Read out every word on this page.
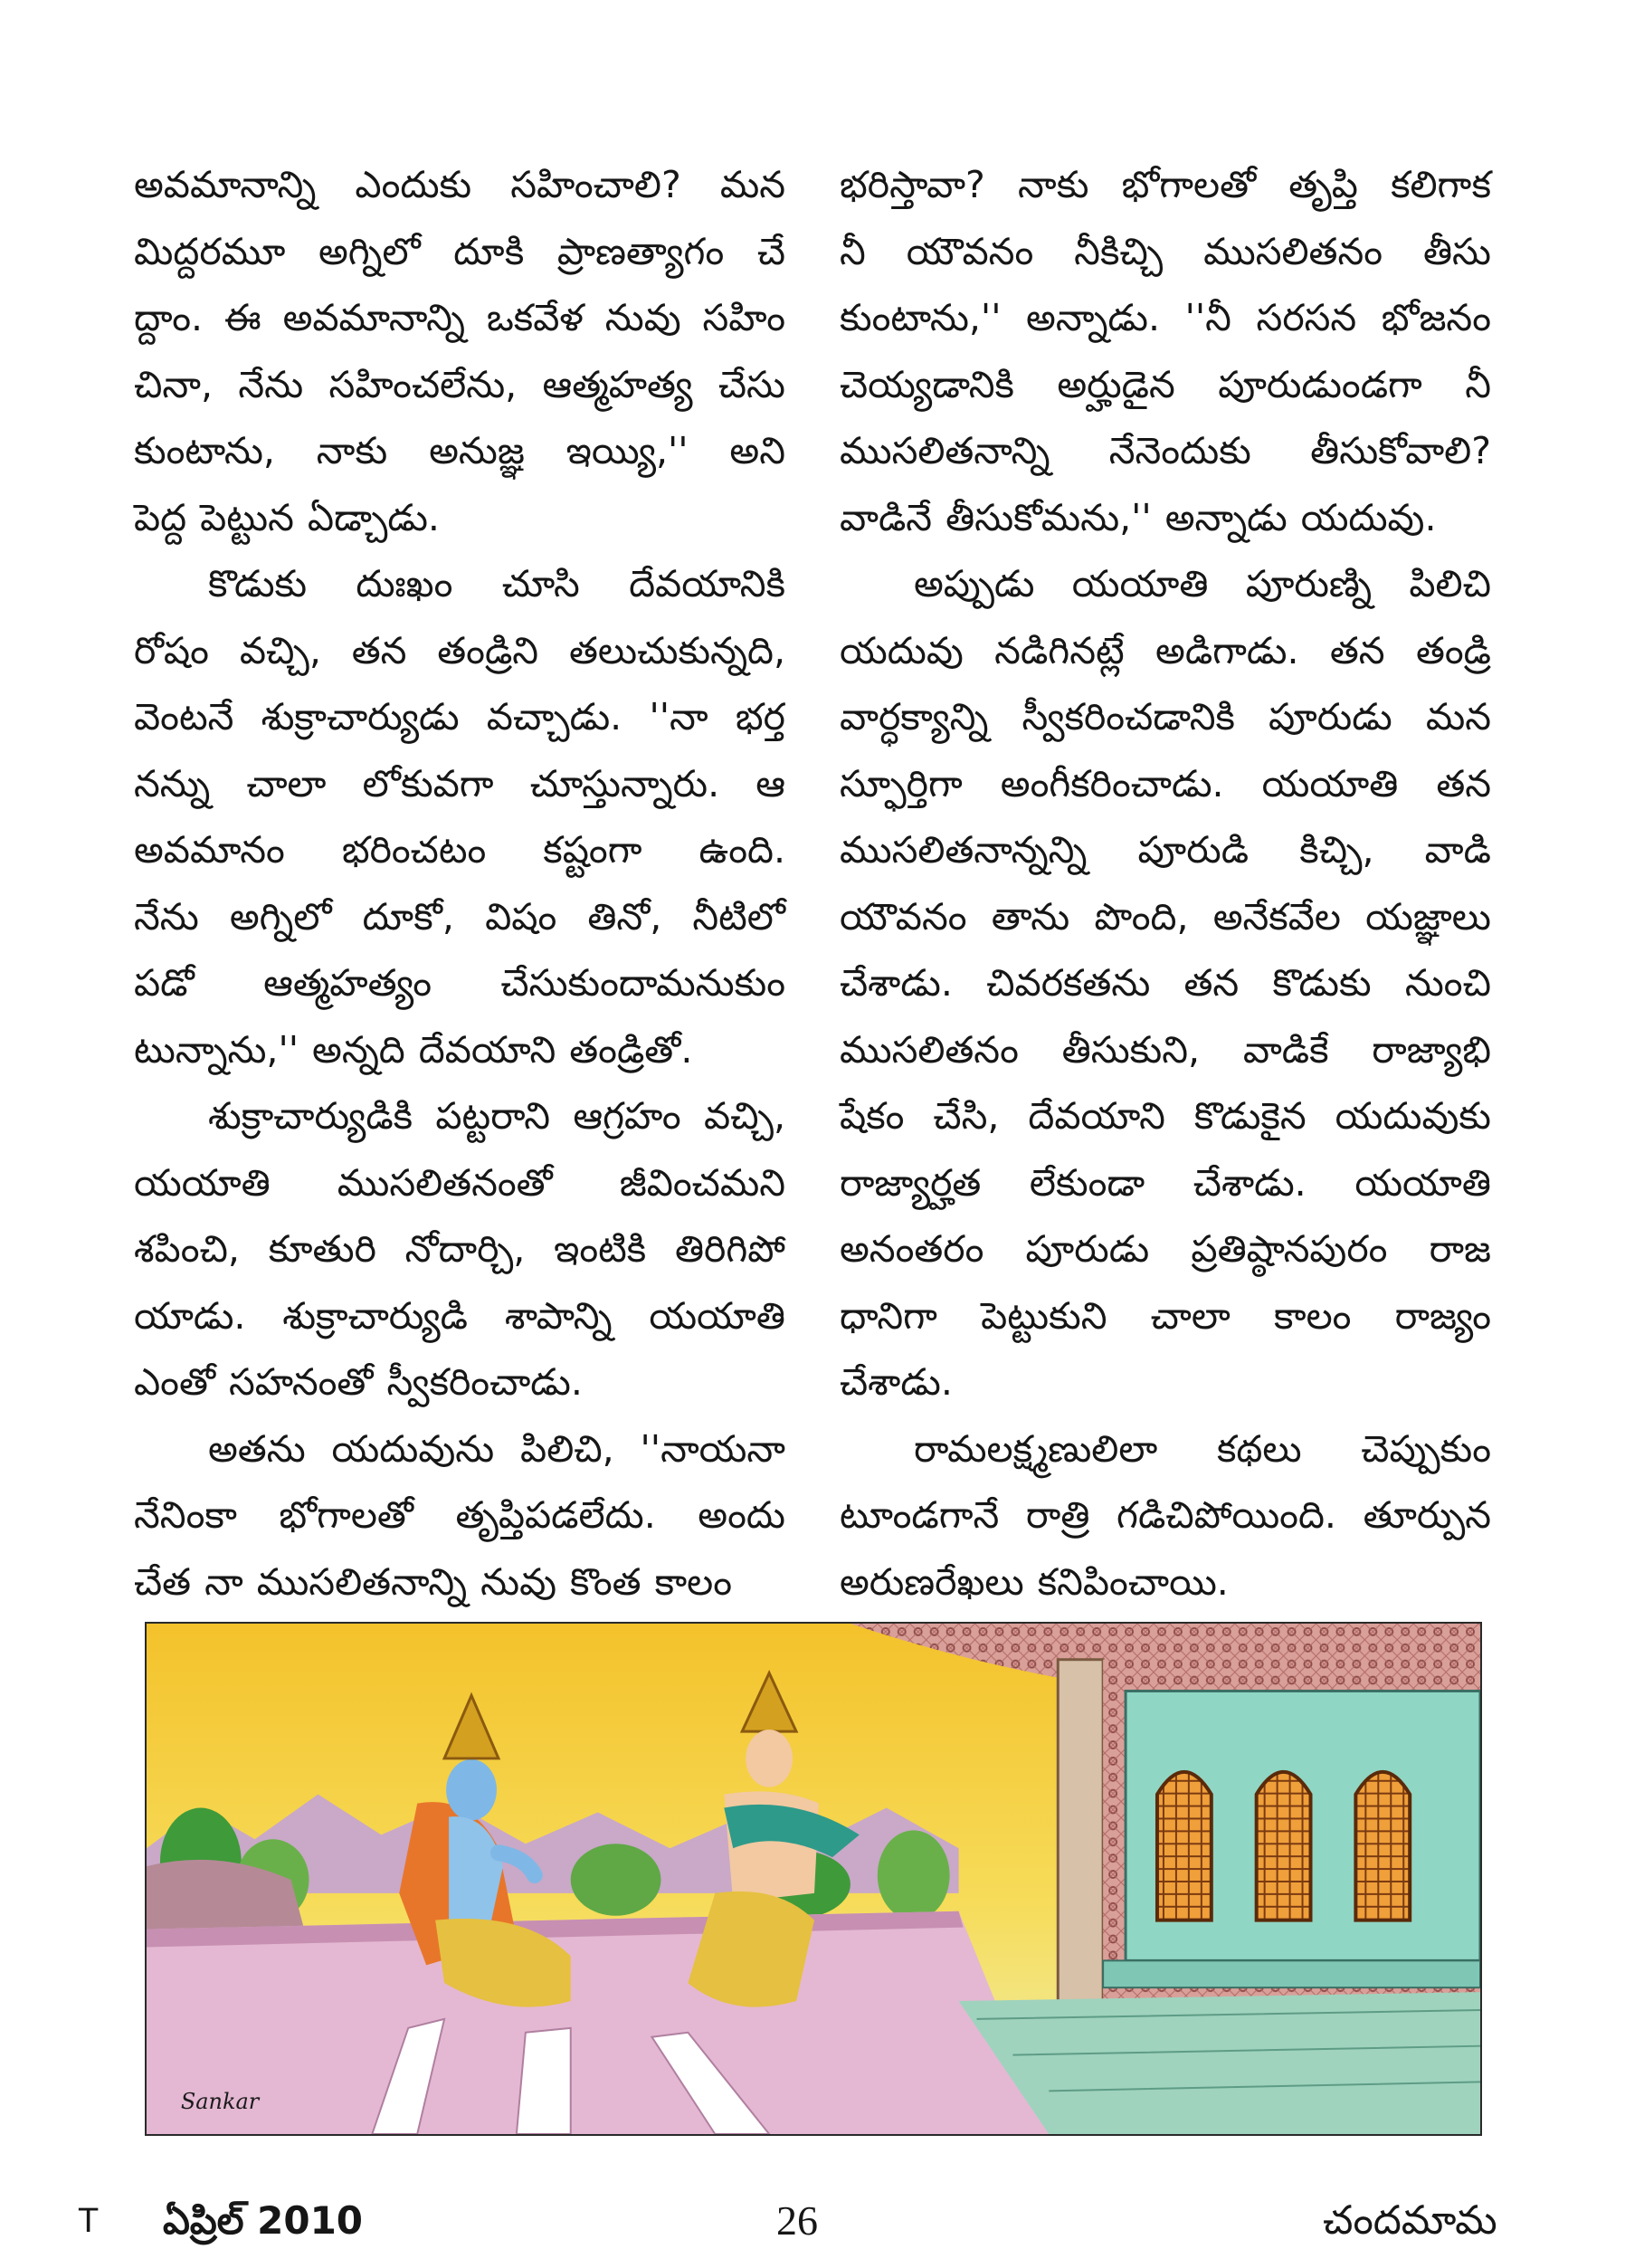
అవమానాన్ని ఎందుకు సహించాలి? మన
మిద్దరమూ అగ్నిలో దూకి ప్రాణత్యాగం చే
ద్దాం. ఈ అవమానాన్ని ఒకవేళ నువు సహిం
చినా, నేను సహించలేను, ఆత్మహత్య చేసు
కుంటాను, నాకు అనుజ్ఞ ఇయ్యి,'' అని
పెద్ద పెట్టున ఏడ్చాడు.

కొడుకు దుఃఖం చూసి దేవయానికి
రోషం వచ్చి, తన తండ్రిని తలుచుకున్నది,
వెంటనే శుక్రాచార్యుడు వచ్చాడు. ''నా భర్త
నన్ను చాలా లోకువగా చూస్తున్నారు. ఆ
అవమానం భరించటం కష్టంగా ఉంది.
నేను అగ్నిలో దూకో, విషం తినో, నీటిలో
పడో ఆత్మహత్యం చేసుకుందామనుకుం
టున్నాను,'' అన్నది దేవయాని తండ్రితో.

శుక్రాచార్యుడికి పట్టరాని ఆగ్రహం వచ్చి,
యయాతి ముసలితనంతో జీవించమని
శపించి, కూతురి నోదార్చి, ఇంటికి తిరిగిపో
యాడు. శుక్రాచార్యుడి శాపాన్ని యయాతి
ఎంతో సహనంతో స్వీకరించాడు.

అతను యదువును పిలిచి, ''నాయనా
నేనింకా భోగాలతో తృప్తిపడలేదు. అందు
చేత నా ముసలితనాన్ని నువు కొంత కాలం

భరిస్తావా? నాకు భోగాలతో తృప్తి కలిగాక
నీ యౌవనం నీకిచ్చి ముసలితనం తీసు
కుంటాను,'' అన్నాడు. ''నీ సరసన భోజనం
చెయ్యడానికి అర్హుడైన పూరుడుండగా నీ
ముసలితనాన్ని నేనెందుకు తీసుకోవాలి?
వాడినే తీసుకోమను,'' అన్నాడు యదువు.

అప్పుడు యయాతి పూరుణ్ని పిలిచి
యదువు నడిగినట్లే అడిగాడు. తన తండ్రి
వార్ధక్యాన్ని స్వీకరించడానికి పూరుడు మన
స్ఫూర్తిగా అంగీకరించాడు. యయాతి తన
ముసలితనాన్నన్ని పూరుడి కిచ్చి, వాడి
యౌవనం తాను పొంది, అనేకవేల యజ్ఞాలు
చేశాడు. చివరకతను తన కొడుకు నుంచి
ముసలితనం తీసుకుని, వాడికే రాజ్యాభి
షేకం చేసి, దేవయాని కొడుకైన యదువుకు
రాజ్యార్హత లేకుండా చేశాడు. యయాతి
అనంతరం పూరుడు ప్రతిష్ఠానపురం రాజ
ధానిగా పెట్టుకుని చాలా కాలం రాజ్యం
చేశాడు.

రామలక్ష్మణులిలా కథలు చెప్పుకుం
టూండగానే రాత్రి గడిచిపోయింది. తూర్పున
అరుణరేఖలు కనిపించాయి.

Sankar
T ఏప్రిల్ 2010	26	చందమామ
